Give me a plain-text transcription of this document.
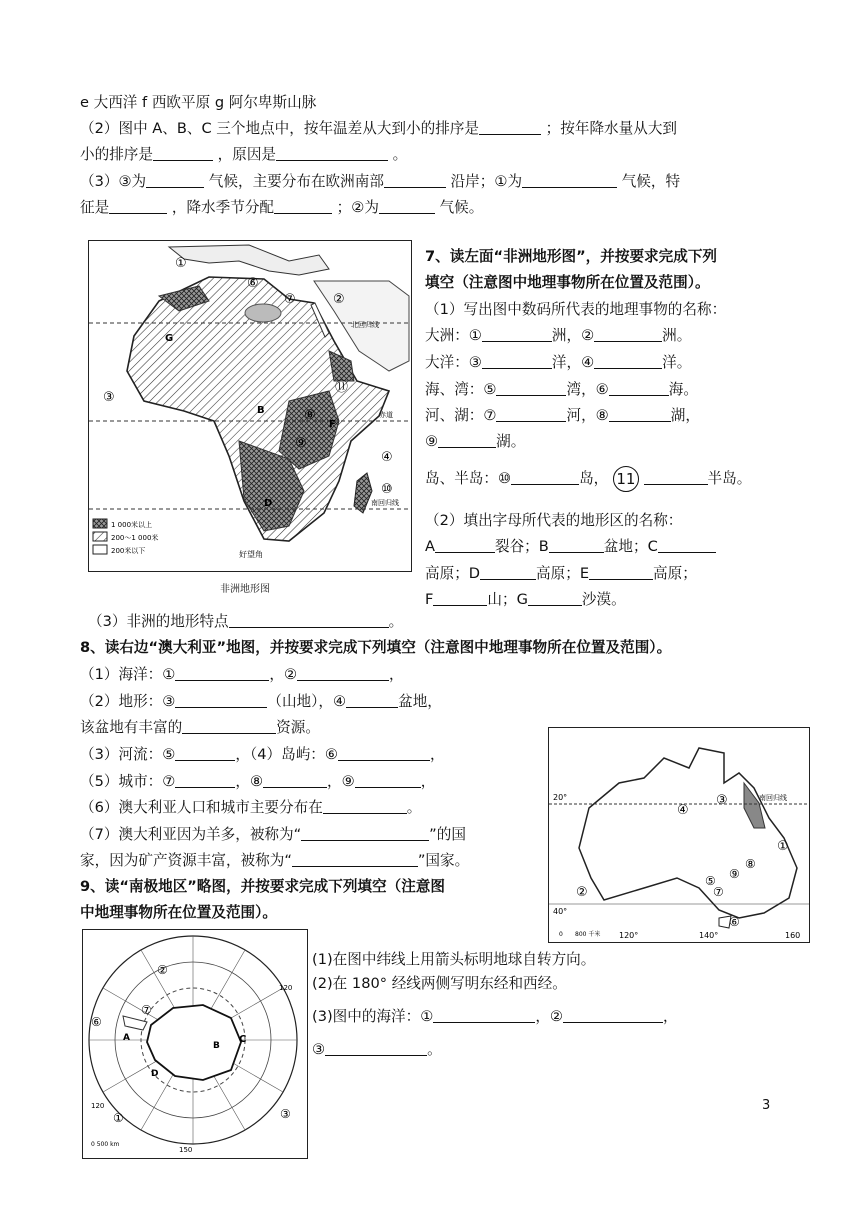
e 大西洋 f 西欧平原 g 阿尔卑斯山脉
（2）图中 A、B、C 三个地点中，按年温差从大到小的排序是	；按年降水量从大到
小的排序是	，原因是	。
（3）③为	气候，主要分布在欧洲南部	沿岸；①为	气候，特
征是	，降水季节分配	；②为	气候。
北回归线
赤道
南回归线
好望角
①
⑥
⑦	②
③
⑪
⑨
④
⑩
⑧
G
B
F
D
1 000米以上
200～1 000米
200米以下
非洲地形图
7、读左面“非洲地形图”，并按要求完成下列
填空（注意图中地理事物所在位置及范围）。
（1）写出图中数码所代表的地理事物的名称：
大洲：①	洲，②	洲。
大洋：③	洋，④	洋。
海、湾：⑤	湾，⑥	海。
河、湖：⑦	河，⑧	湖，
⑨	湖。
岛、半岛：⑩	岛， 11	半岛。
（2）填出字母所代表的地形区的名称：
A	裂谷；B	盆地；C
高原；D	高原；E	高原；
F	山；G	沙漠。
（3）非洲的地形特点	。
8、读右边“澳大利亚”地图，并按要求完成下列填空（注意图中地理事物所在位置及范围）。
（1）海洋：①	，②	，
（2）地形：③	（山地），④	盆地，
该盆地有丰富的	资源。
（3）河流：⑤	，（4）岛屿：⑥	，
（5）城市：⑦	，⑧	，⑨	，
（6）澳大利亚人口和城市主要分布在	。
（7）澳大利亚因为羊多，被称为“	”的国
家，因为矿产资源丰富，被称为“	”国家。
南回归线
20°
40°
120°	140°	160
0 800 千米
④
③
①
②
⑧
⑨
⑤
⑦
⑥
9、读“南极地区”略图，并按要求完成下列填空（注意图
中地理事物所在位置及范围）。
②
⑦
⑥
A	C
B
D
①	③
120
120
150
0 500 km
(1)在图中纬线上用箭头标明地球自转方向。
(2)在 180° 经线两侧写明东经和西经。
(3)图中的海洋：①	，②	，
③	。
3
